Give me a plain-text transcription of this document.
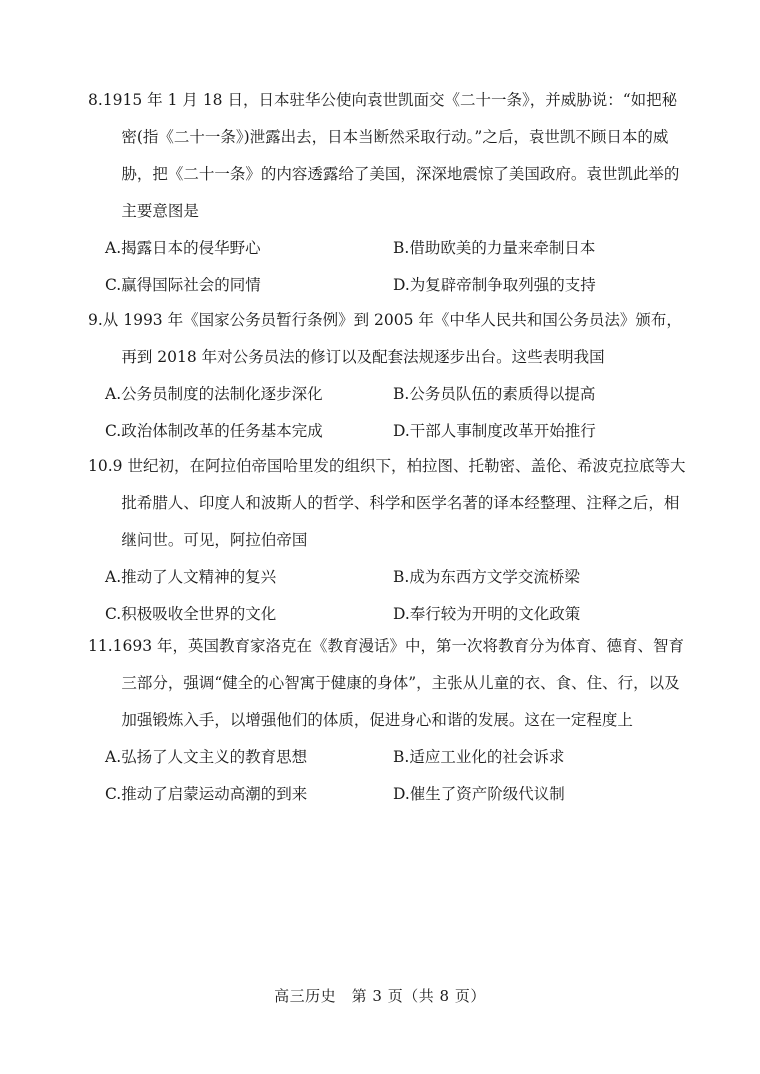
8.1915 年 1 月 18 日，日本驻华公使向袁世凯面交《二十一条》，并威胁说：“如把秘密(指《二十一条》)泄露出去，日本当断然采取行动。”之后，袁世凯不顾日本的威胁，把《二十一条》的内容透露给了美国，深深地震惊了美国政府。袁世凯此举的主要意图是

A.揭露日本的侵华野心	B.借助欧美的力量来牵制日本
C.赢得国际社会的同情	D.为复辟帝制争取列强的支持

9.从 1993 年《国家公务员暂行条例》到 2005 年《中华人民共和国公务员法》颁布，再到 2018 年对公务员法的修订以及配套法规逐步出台。这些表明我国

A.公务员制度的法制化逐步深化	B.公务员队伍的素质得以提高
C.政治体制改革的任务基本完成	D.干部人事制度改革开始推行

10.9 世纪初，在阿拉伯帝国哈里发的组织下，柏拉图、托勒密、盖伦、希波克拉底等大批希腊人、印度人和波斯人的哲学、科学和医学名著的译本经整理、注释之后，相继问世。可见，阿拉伯帝国

A.推动了人文精神的复兴	B.成为东西方文学交流桥梁
C.积极吸收全世界的文化	D.奉行较为开明的文化政策

11.1693 年，英国教育家洛克在《教育漫话》中，第一次将教育分为体育、德育、智育三部分，强调“健全的心智寓于健康的身体”，主张从儿童的衣、食、住、行，以及加强锻炼入手，以增强他们的体质，促进身心和谐的发展。这在一定程度上

A.弘扬了人文主义的教育思想	B.适应工业化的社会诉求
C.推动了启蒙运动高潮的到来	D.催生了资产阶级代议制
高三历史　第 3 页（共 8 页）
